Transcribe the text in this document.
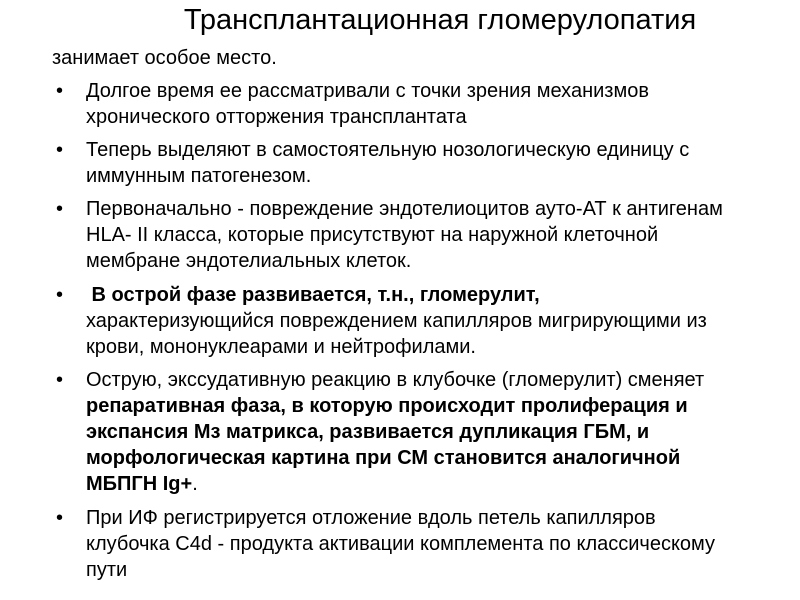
Трансплантационная гломерулопатия
занимает особое место.
•	Долгое время ее рассматривали с точки зрения механизмов
хронического отторжения трансплантата
•	Теперь выделяют в самостоятельную нозологическую единицу с
иммунным патогенезом.
•	Первоначально - повреждение эндотелиоцитов ауто-АТ к антигенам
HLA- II класса, которые присутствуют на наружной клеточной
мембране эндотелиальных клеток.
•	В острой фазе развивается, т.н., гломерулит,
характеризующийся повреждением капилляров мигрирующими из
крови, мононуклеарами и нейтрофилами.
•	Острую, экссудативную реакцию в клубочке (гломерулит) сменяет
репаративная фаза, в которую происходит пролиферация и
экспансия Мз матрикса, развивается дупликация ГБМ, и
морфологическая картина при СМ становится аналогичной
МБПГН Ig+.
•	При ИФ регистрируется отложение вдоль петель капилляров
клубочка С4d - продукта активации комплемента по классическому
пути
